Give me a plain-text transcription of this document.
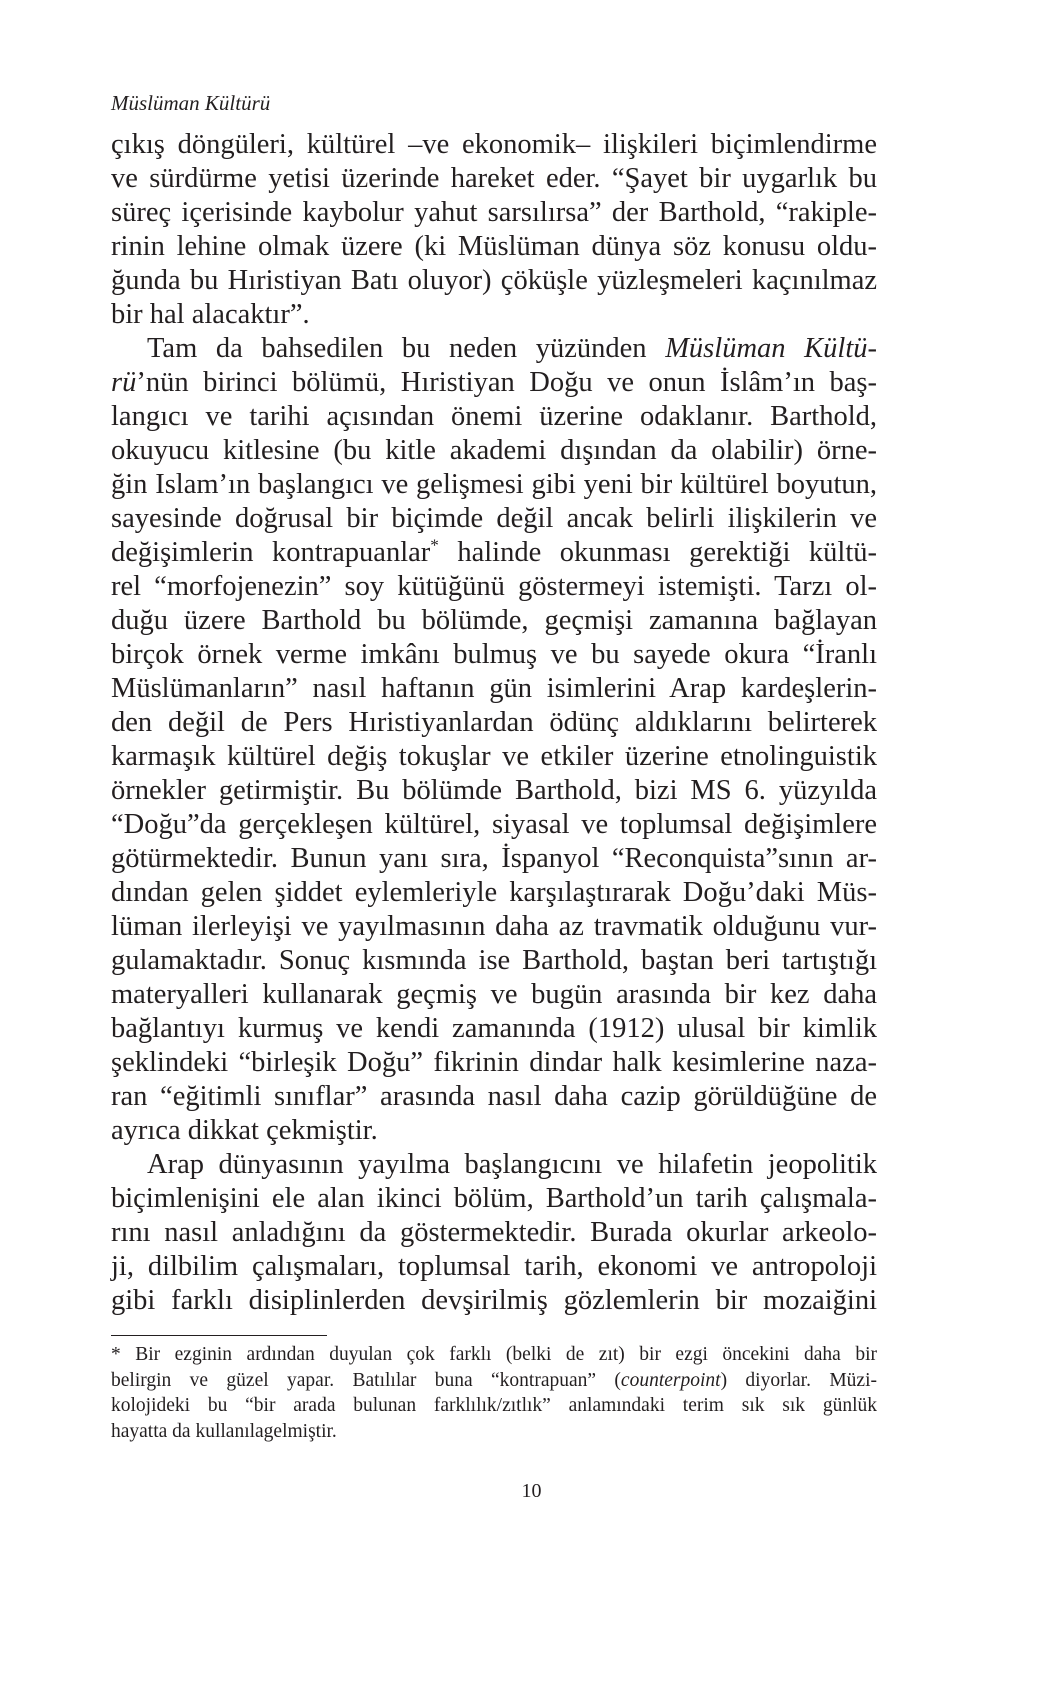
Müslüman Kültürü
çıkış döngüleri, kültürel –ve ekonomik– ilişkileri biçimlendirme
ve sürdürme yetisi üzerinde hareket eder. “Şayet bir uygarlık bu
süreç içerisinde kaybolur yahut sarsılırsa” der Barthold, “rakiple-
rinin lehine olmak üzere (ki Müslüman dünya söz konusu oldu-
ğunda bu Hıristiyan Batı oluyor) çöküşle yüzleşmeleri kaçınılmaz
bir hal alacaktır”.
Tam da bahsedilen bu neden yüzünden Müslüman Kültü-
rü’nün birinci bölümü, Hıristiyan Doğu ve onun İslâm’ın baş-
langıcı ve tarihi açısından önemi üzerine odaklanır. Barthold,
okuyucu kitlesine (bu kitle akademi dışından da olabilir) örne-
ğin Islam’ın başlangıcı ve gelişmesi gibi yeni bir kültürel boyutun,
sayesinde doğrusal bir biçimde değil ancak belirli ilişkilerin ve
değişimlerin kontrapuanlar* halinde okunması gerektiği kültü-
rel “morfojenezin” soy kütüğünü göstermeyi istemişti. Tarzı ol-
duğu üzere Barthold bu bölümde, geçmişi zamanına bağlayan
birçok örnek verme imkânı bulmuş ve bu sayede okura “İranlı
Müslümanların” nasıl haftanın gün isimlerini Arap kardeşlerin-
den değil de Pers Hıristiyanlardan ödünç aldıklarını belirterek
karmaşık kültürel değiş tokuşlar ve etkiler üzerine etnolinguistik
örnekler getirmiştir. Bu bölümde Barthold, bizi MS 6. yüzyılda
“Doğu”da gerçekleşen kültürel, siyasal ve toplumsal değişimlere
götürmektedir. Bunun yanı sıra, İspanyol “Reconquista”sının ar-
dından gelen şiddet eylemleriyle karşılaştırarak Doğu’daki Müs-
lüman ilerleyişi ve yayılmasının daha az travmatik olduğunu vur-
gulamaktadır. Sonuç kısmında ise Barthold, baştan beri tartıştığı
materyalleri kullanarak geçmiş ve bugün arasında bir kez daha
bağlantıyı kurmuş ve kendi zamanında (1912) ulusal bir kimlik
şeklindeki “birleşik Doğu” fikrinin dindar halk kesimlerine naza-
ran “eğitimli sınıflar” arasında nasıl daha cazip görüldüğüne de
ayrıca dikkat çekmiştir.
Arap dünyasının yayılma başlangıcını ve hilafetin jeopolitik
biçimlenişini ele alan ikinci bölüm, Barthold’un tarih çalışmala-
rını nasıl anladığını da göstermektedir. Burada okurlar arkeolo-
ji, dilbilim çalışmaları, toplumsal tarih, ekonomi ve antropoloji
gibi farklı disiplinlerden devşirilmiş gözlemlerin bir mozaiğini
* Bir ezginin ardından duyulan çok farklı (belki de zıt) bir ezgi öncekini daha bir
belirgin ve güzel yapar. Batılılar buna “kontrapuan” (counterpoint) diyorlar. Müzi-
kolojideki bu “bir arada bulunan farklılık/zıtlık” anlamındaki terim sık sık günlük
hayatta da kullanılagelmiştir.
10
